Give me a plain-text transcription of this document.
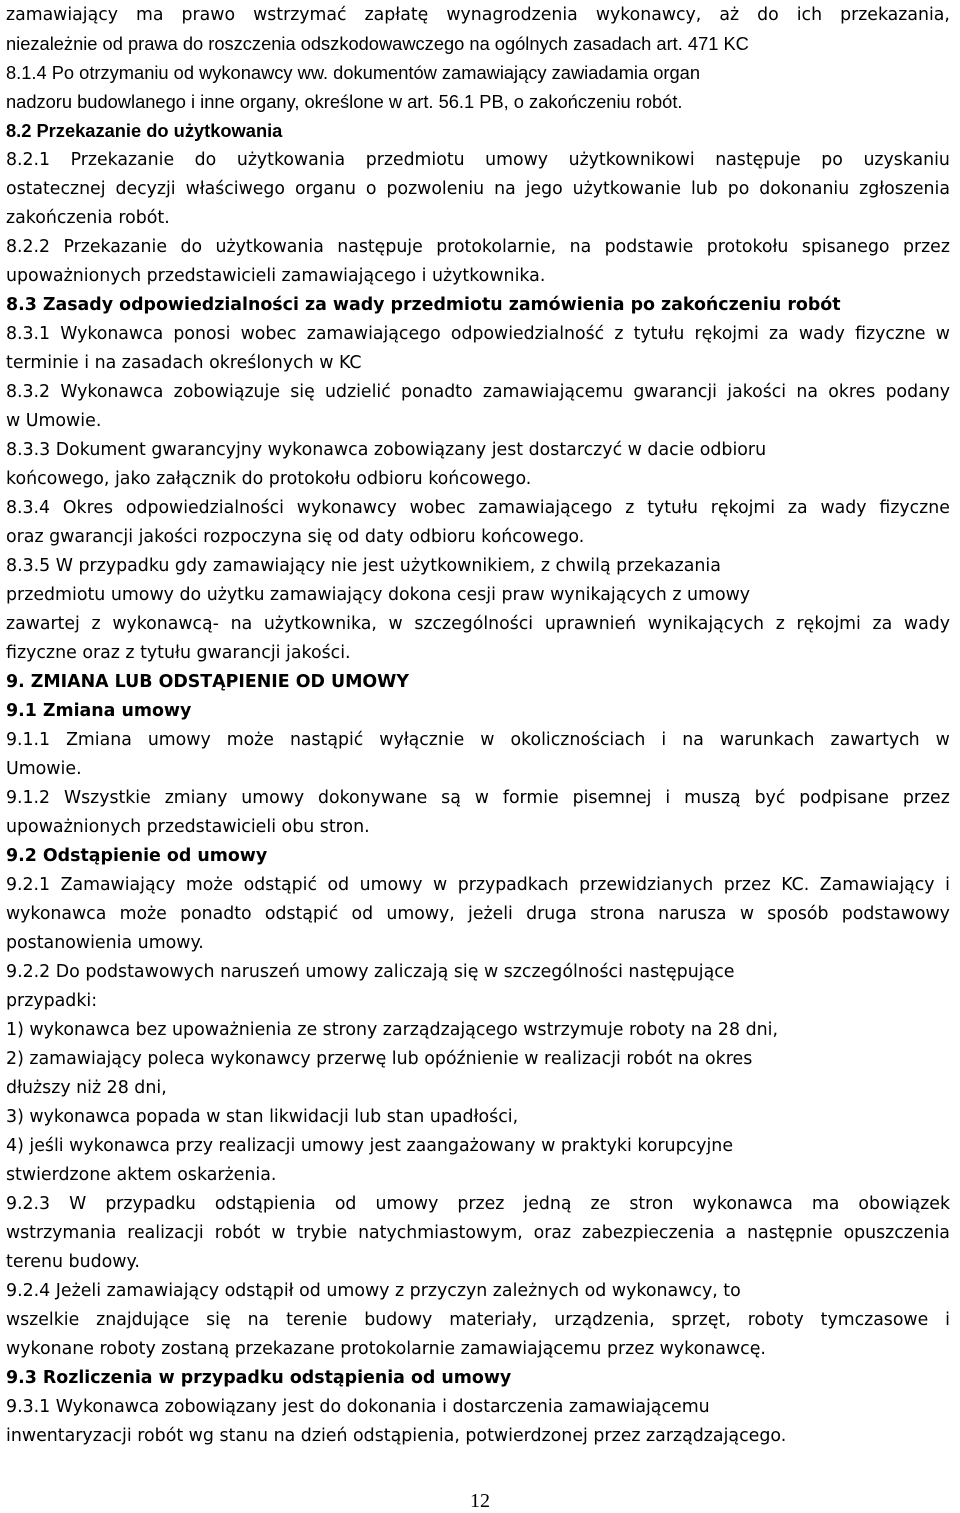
zamawiający ma prawo wstrzymać zapłatę wynagrodzenia wykonawcy, aż do ich przekazania,
niezależnie od prawa do roszczenia odszkodowawczego na ogólnych zasadach art. 471 KC
8.1.4 Po otrzymaniu od wykonawcy ww. dokumentów zamawiający zawiadamia organ
nadzoru budowlanego i inne organy, określone w art. 56.1 PB, o zakończeniu robót.
8.2 Przekazanie do użytkowania
8.2.1 Przekazanie do użytkowania przedmiotu umowy użytkownikowi następuje po uzyskaniu
ostatecznej decyzji właściwego organu o pozwoleniu na jego użytkowanie lub po dokonaniu zgłoszenia
zakończenia robót.
8.2.2 Przekazanie do użytkowania następuje protokolarnie, na podstawie protokołu spisanego przez
upoważnionych przedstawicieli zamawiającego i użytkownika.
8.3 Zasady odpowiedzialności za wady przedmiotu zamówienia po zakończeniu robót
8.3.1 Wykonawca ponosi wobec zamawiającego odpowiedzialność z tytułu rękojmi za wady fizyczne w
terminie i na zasadach określonych w KC
8.3.2 Wykonawca zobowiązuje się udzielić ponadto zamawiającemu gwarancji jakości na okres podany
w Umowie.
8.3.3 Dokument gwarancyjny wykonawca zobowiązany jest dostarczyć w dacie odbioru
końcowego, jako załącznik do protokołu odbioru końcowego.
8.3.4 Okres odpowiedzialności wykonawcy wobec zamawiającego z tytułu rękojmi za wady fizyczne
oraz gwarancji jakości rozpoczyna się od daty odbioru końcowego.
8.3.5 W przypadku gdy zamawiający nie jest użytkownikiem, z chwilą przekazania
przedmiotu umowy do użytku zamawiający dokona cesji praw wynikających z umowy
zawartej z wykonawcą- na użytkownika, w szczególności uprawnień wynikających z rękojmi za wady
fizyczne oraz z tytułu gwarancji jakości.
9. ZMIANA LUB ODSTĄPIENIE OD UMOWY
9.1 Zmiana umowy
9.1.1 Zmiana umowy może nastąpić wyłącznie w okolicznościach i na warunkach zawartych w
Umowie.
9.1.2 Wszystkie zmiany umowy dokonywane są w formie pisemnej i muszą być podpisane przez
upoważnionych przedstawicieli obu stron.
9.2 Odstąpienie od umowy
9.2.1 Zamawiający może odstąpić od umowy w przypadkach przewidzianych przez KC. Zamawiający i
wykonawca może ponadto odstąpić od umowy, jeżeli druga strona narusza w sposób podstawowy
postanowienia umowy.
9.2.2 Do podstawowych naruszeń umowy zaliczają się w szczególności następujące
przypadki:
1) wykonawca bez upoważnienia ze strony zarządzającego wstrzymuje roboty na 28 dni,
2) zamawiający poleca wykonawcy przerwę lub opóźnienie w realizacji robót na okres
dłuższy niż 28 dni,
3) wykonawca popada w stan likwidacji lub stan upadłości,
4) jeśli wykonawca przy realizacji umowy jest zaangażowany w praktyki korupcyjne
stwierdzone aktem oskarżenia.
9.2.3 W przypadku odstąpienia od umowy przez jedną ze stron wykonawca ma obowiązek
wstrzymania realizacji robót w trybie natychmiastowym, oraz zabezpieczenia a następnie opuszczenia
terenu budowy.
9.2.4 Jeżeli zamawiający odstąpił od umowy z przyczyn zależnych od wykonawcy, to
wszelkie znajdujące się na terenie budowy materiały, urządzenia, sprzęt, roboty tymczasowe i
wykonane roboty zostaną przekazane protokolarnie zamawiającemu przez wykonawcę.
9.3 Rozliczenia w przypadku odstąpienia od umowy
9.3.1 Wykonawca zobowiązany jest do dokonania i dostarczenia zamawiającemu
inwentaryzacji robót wg stanu na dzień odstąpienia, potwierdzonej przez zarządzającego.
12
